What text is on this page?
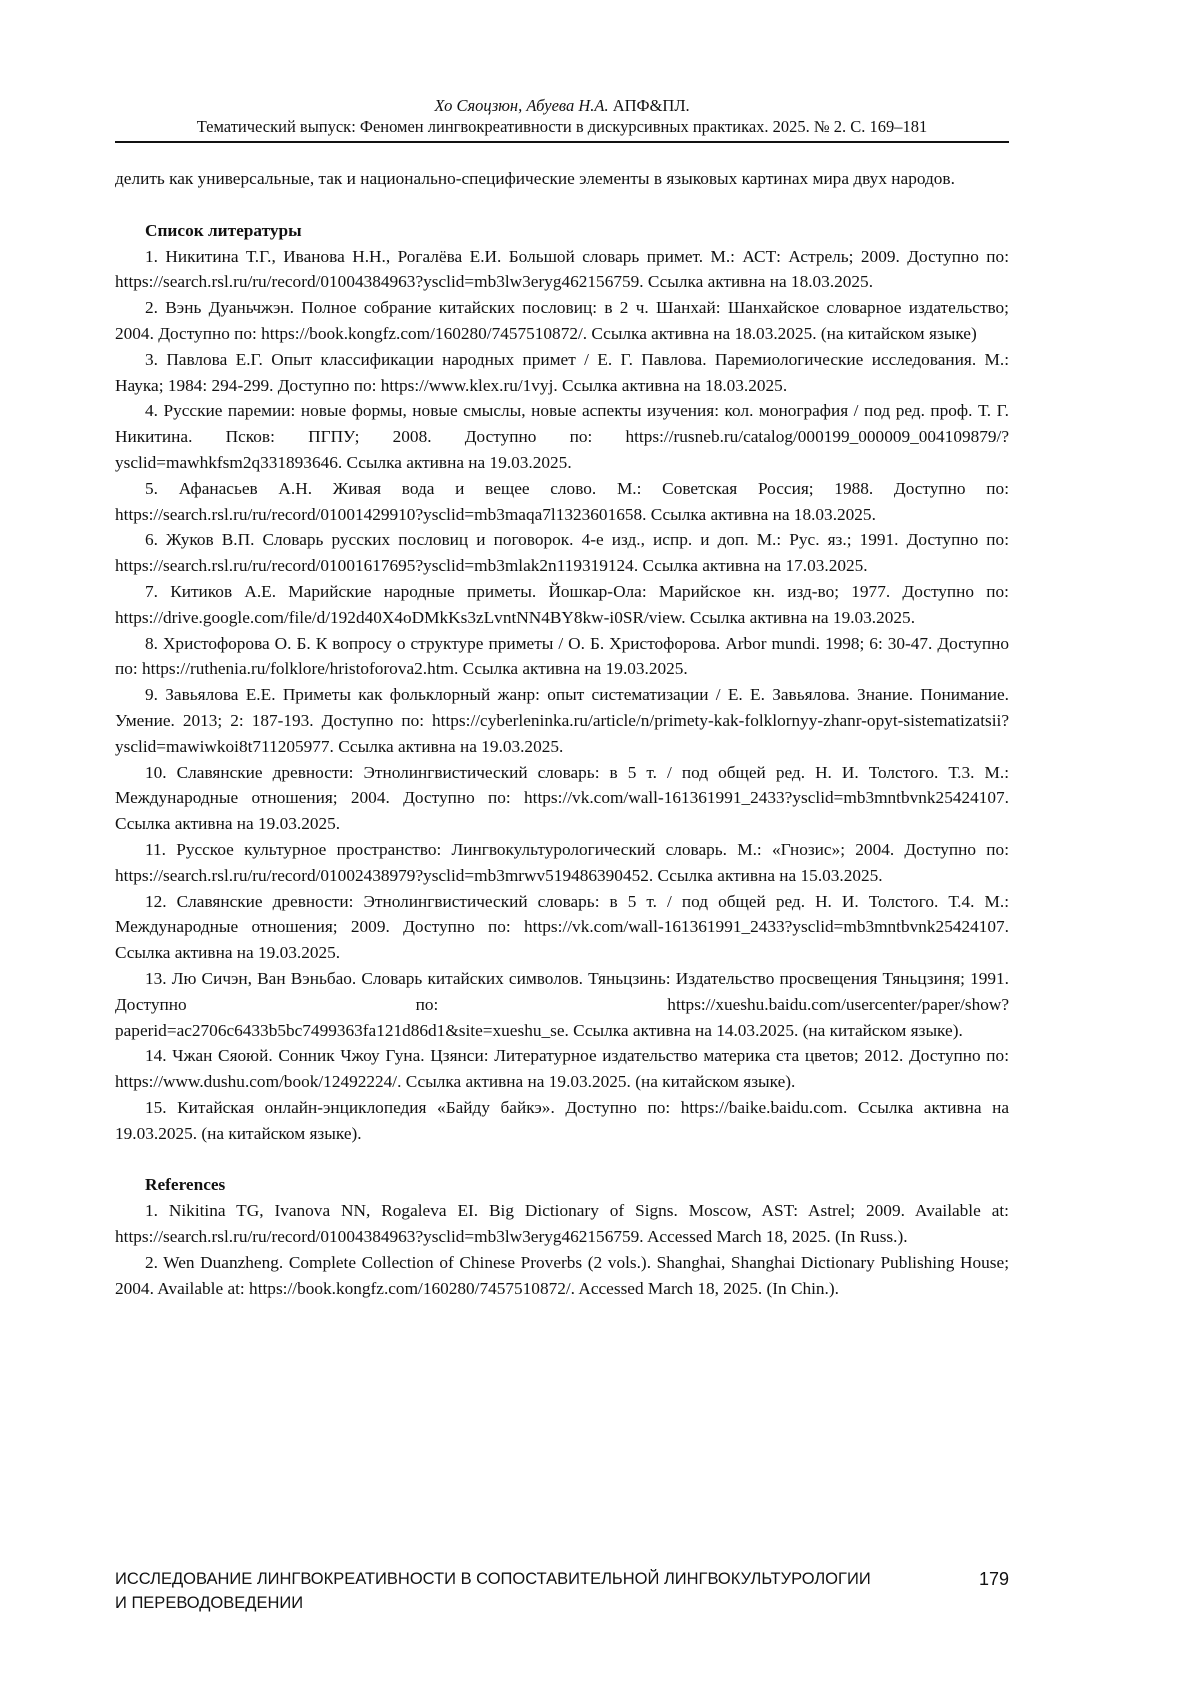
Хо Сяоцзюн, Абуева Н.А. АПФ&ПЛ.
Тематический выпуск: Феномен лингвокреативности в дискурсивных практиках. 2025. № 2. С. 169–181

делить как универсальные, так и национально-специфические элементы в языковых картинах мира двух народов.

Список литературы

1. Никитина Т.Г., Иванова Н.Н., Рогалёва Е.И. Большой словарь примет. М.: АСТ: Астрель; 2009. Доступно по: https://search.rsl.ru/ru/record/01004384963?ysclid=mb3lw3eryg462156759. Ссылка активна на 18.03.2025.

2. Вэнь Дуаньчжэн. Полное собрание китайских пословиц: в 2 ч. Шанхай: Шанхайское словарное издательство; 2004. Доступно по: https://book.kongfz.com/160280/7457510872/. Ссылка активна на 18.03.2025. (на китайском языке)

3. Павлова Е.Г. Опыт классификации народных примет / Е. Г. Павлова. Паремиологические исследования. М.: Наука; 1984: 294-299. Доступно по: https://www.klex.ru/1vyj. Ссылка активна на 18.03.2025.

4. Русские паремии: новые формы, новые смыслы, новые аспекты изучения: кол. монография / под ред. проф. Т. Г. Никитина. Псков: ПГПУ; 2008. Доступно по: https://rusneb.ru/catalog/000199_000009_004109879/?ysclid=mawhkfsm2q331893646. Ссылка активна на 19.03.2025.

5. Афанасьев А.Н. Живая вода и вещее слово. М.: Советская Россия; 1988. Доступно по: https://search.rsl.ru/ru/record/01001429910?ysclid=mb3maqa7l1323601658. Ссылка активна на 18.03.2025.

6. Жуков В.П. Словарь русских пословиц и поговорок. 4-е изд., испр. и доп. М.: Рус. яз.; 1991. Доступно по: https://search.rsl.ru/ru/record/01001617695?ysclid=mb3mlak2n119319124. Ссылка активна на 17.03.2025.

7. Китиков А.Е. Марийские народные приметы. Йошкар-Ола: Марийское кн. изд-во; 1977. Доступно по: https://drive.google.com/file/d/192d40X4oDMkKs3zLvntNN4BY8kw-i0SR/view. Ссылка активна на 19.03.2025.

8. Христофорова О. Б. К вопросу о структуре приметы / О. Б. Христофорова. Arbor mundi. 1998; 6: 30-47. Доступно по: https://ruthenia.ru/folklore/hristoforova2.htm. Ссылка активна на 19.03.2025.

9. Завьялова Е.Е. Приметы как фольклорный жанр: опыт систематизации / Е. Е. Завьялова. Знание. Понимание. Умение. 2013; 2: 187-193. Доступно по: https://cyberleninka.ru/article/n/primety-kak-folklornyy-zhanr-opyt-sistematizatsii?ysclid=mawiwkoi8t711205977. Ссылка активна на 19.03.2025.

10. Славянские древности: Этнолингвистический словарь: в 5 т. / под общей ред. Н. И. Толстого. Т.3. М.: Международные отношения; 2004. Доступно по: https://vk.com/wall-161361991_2433?ysclid=mb3mntbvnk25424107. Ссылка активна на 19.03.2025.

11. Русское культурное пространство: Лингвокультурологический словарь. М.: «Гнозис»; 2004. Доступно по: https://search.rsl.ru/ru/record/01002438979?ysclid=mb3mrwv519486390452. Ссылка активна на 15.03.2025.

12. Славянские древности: Этнолингвистический словарь: в 5 т. / под общей ред. Н. И. Толстого. Т.4. М.: Международные отношения; 2009. Доступно по: https://vk.com/wall-161361991_2433?ysclid=mb3mntbvnk25424107. Ссылка активна на 19.03.2025.

13. Лю Сичэн, Ван Вэньбао. Словарь китайских символов. Тяньцзинь: Издательство просвещения Тяньцзиня; 1991. Доступно по: https://xueshu.baidu.com/usercenter/paper/show?paperid=ac2706c6433b5bc7499363fa121d86d1&site=xueshu_se. Ссылка активна на 14.03.2025. (на китайском языке).

14. Чжан Сяоюй. Сонник Чжоу Гуна. Цзянси: Литературное издательство материка ста цветов; 2012. Доступно по: https://www.dushu.com/book/12492224/. Ссылка активна на 19.03.2025. (на китайском языке).

15. Китайская онлайн-энциклопедия «Байду байкэ». Доступно по: https://baike.baidu.com. Ссылка активна на 19.03.2025. (на китайском языке).

References

1. Nikitina TG, Ivanova NN, Rogaleva EI. Big Dictionary of Signs. Moscow, AST: Astrel; 2009. Available at: https://search.rsl.ru/ru/record/01004384963?ysclid=mb3lw3eryg462156759. Accessed March 18, 2025. (In Russ.).

2. Wen Duanzheng. Complete Collection of Chinese Proverbs (2 vols.). Shanghai, Shanghai Dictionary Publishing House; 2004. Available at: https://book.kongfz.com/160280/7457510872/. Accessed March 18, 2025. (In Chin.).

ИССЛЕДОВАНИЕ ЛИНГВОКРЕАТИВНОСТИ В СОПОСТАВИТЕЛЬНОЙ ЛИНГВОКУЛЬТУРОЛОГИИ И ПЕРЕВОДОВЕДЕНИИ
179
